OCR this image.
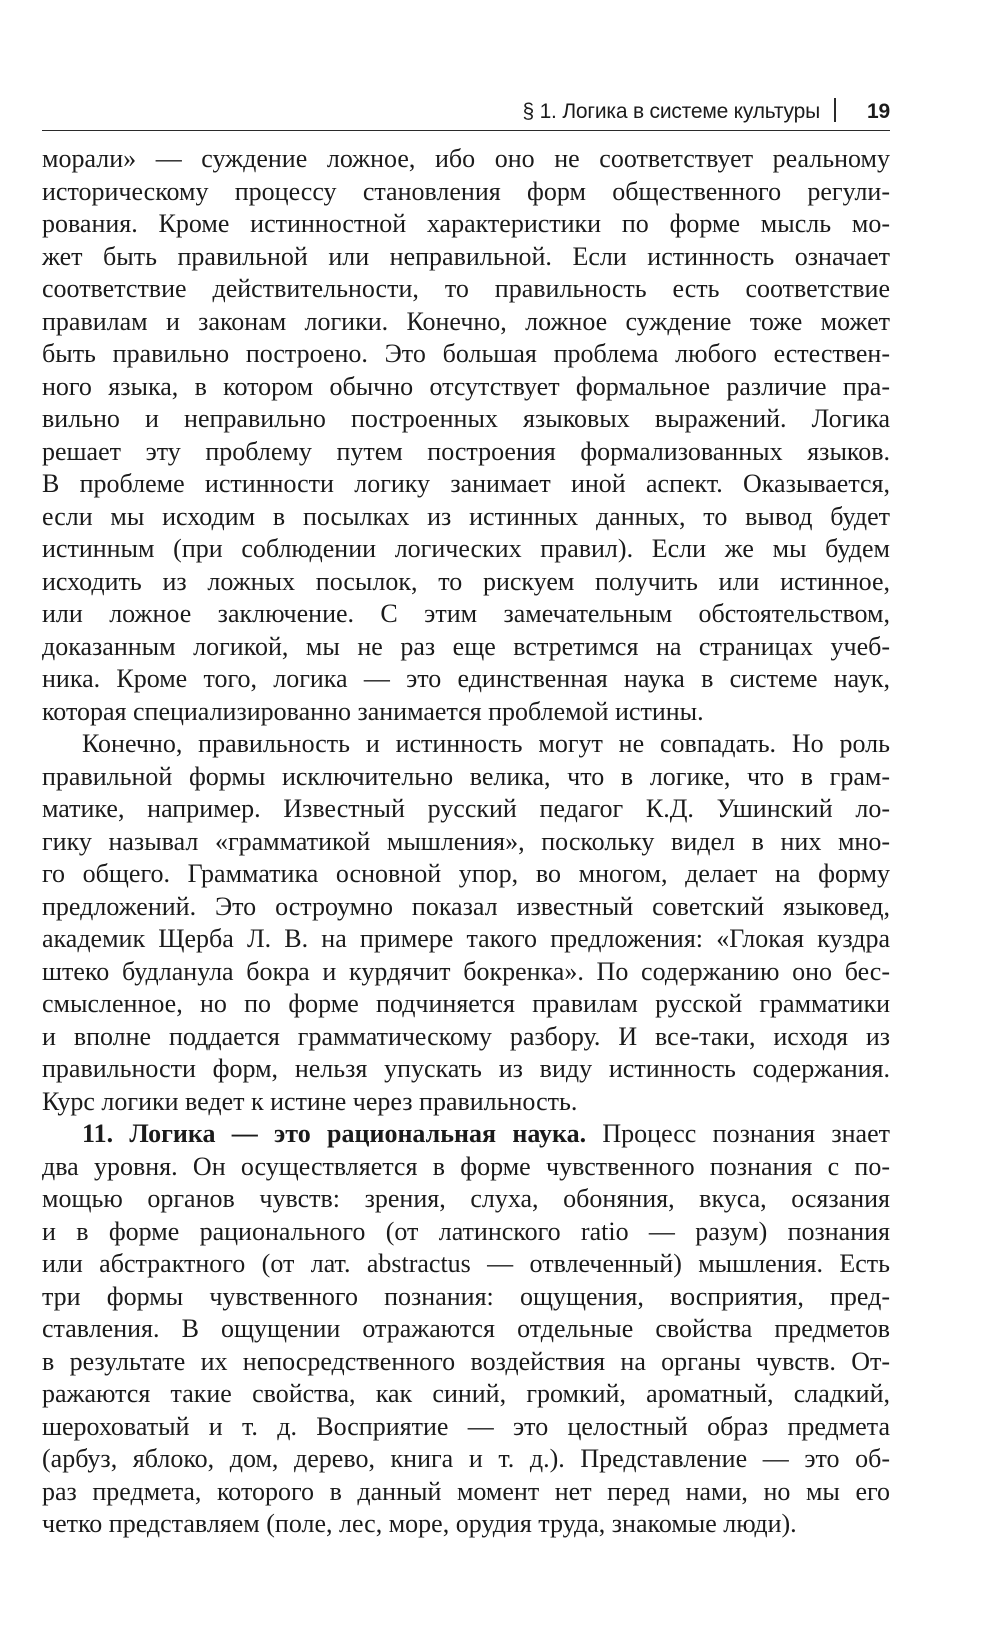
§ 1. Логика в системе культуры	19
морали» — суждение ложное, ибо оно не соответствует реальному
историческому процессу становления форм общественного регули-
рования. Кроме истинностной характеристики по форме мысль мо-
жет быть правильной или неправильной. Если истинность означает
соответствие действительности, то правильность есть соответствие
правилам и законам логики. Конечно, ложное суждение тоже может
быть правильно построено. Это большая проблема любого естествен-
ного языка, в котором обычно отсутствует формальное различие пра-
вильно и неправильно построенных языковых выражений. Логика
решает эту проблему путем построения формализованных языков.
В проблеме истинности логику занимает иной аспект. Оказывается,
если мы исходим в посылках из истинных данных, то вывод будет
истинным (при соблюдении логических правил). Если же мы будем
исходить из ложных посылок, то рискуем получить или истинное,
или ложное заключение. С этим замечательным обстоятельством,
доказанным логикой, мы не раз еще встретимся на страницах учеб-
ника. Кроме того, логика — это единственная наука в системе наук,
которая специализированно занимается проблемой истины.
Конечно, правильность и истинность могут не совпадать. Но роль
правильной формы исключительно велика, что в логике, что в грам-
матике, например. Известный русский педагог К.Д. Ушинский ло-
гику называл «грамматикой мышления», поскольку видел в них мно-
го общего. Грамматика основной упор, во многом, делает на форму
предложений. Это остроумно показал известный советский языковед,
академик Щерба Л. В. на примере такого предложения: «Глокая куздра
штеко будланула бокра и курдячит бокренка». По содержанию оно бес-
смысленное, но по форме подчиняется правилам русской грамматики
и вполне поддается грамматическому разбору. И все-таки, исходя из
правильности форм, нельзя упускать из виду истинность содержания.
Курс логики ведет к истине через правильность.
11. Логика — это рациональная наука. Процесс познания знает
два уровня. Он осуществляется в форме чувственного познания с по-
мощью органов чувств: зрения, слуха, обоняния, вкуса, осязания
и в форме рационального (от латинского ratio — разум) познания
или абстрактного (от лат. abstractus — отвлеченный) мышления. Есть
три формы чувственного познания: ощущения, восприятия, пред-
ставления. В ощущении отражаются отдельные свойства предметов
в результате их непосредственного воздействия на органы чувств. От-
ражаются такие свойства, как синий, громкий, ароматный, сладкий,
шероховатый и т. д. Восприятие — это целостный образ предмета
(арбуз, яблоко, дом, дерево, книга и т. д.). Представление — это об-
раз предмета, которого в данный момент нет перед нами, но мы его
четко представляем (поле, лес, море, орудия труда, знакомые люди).
